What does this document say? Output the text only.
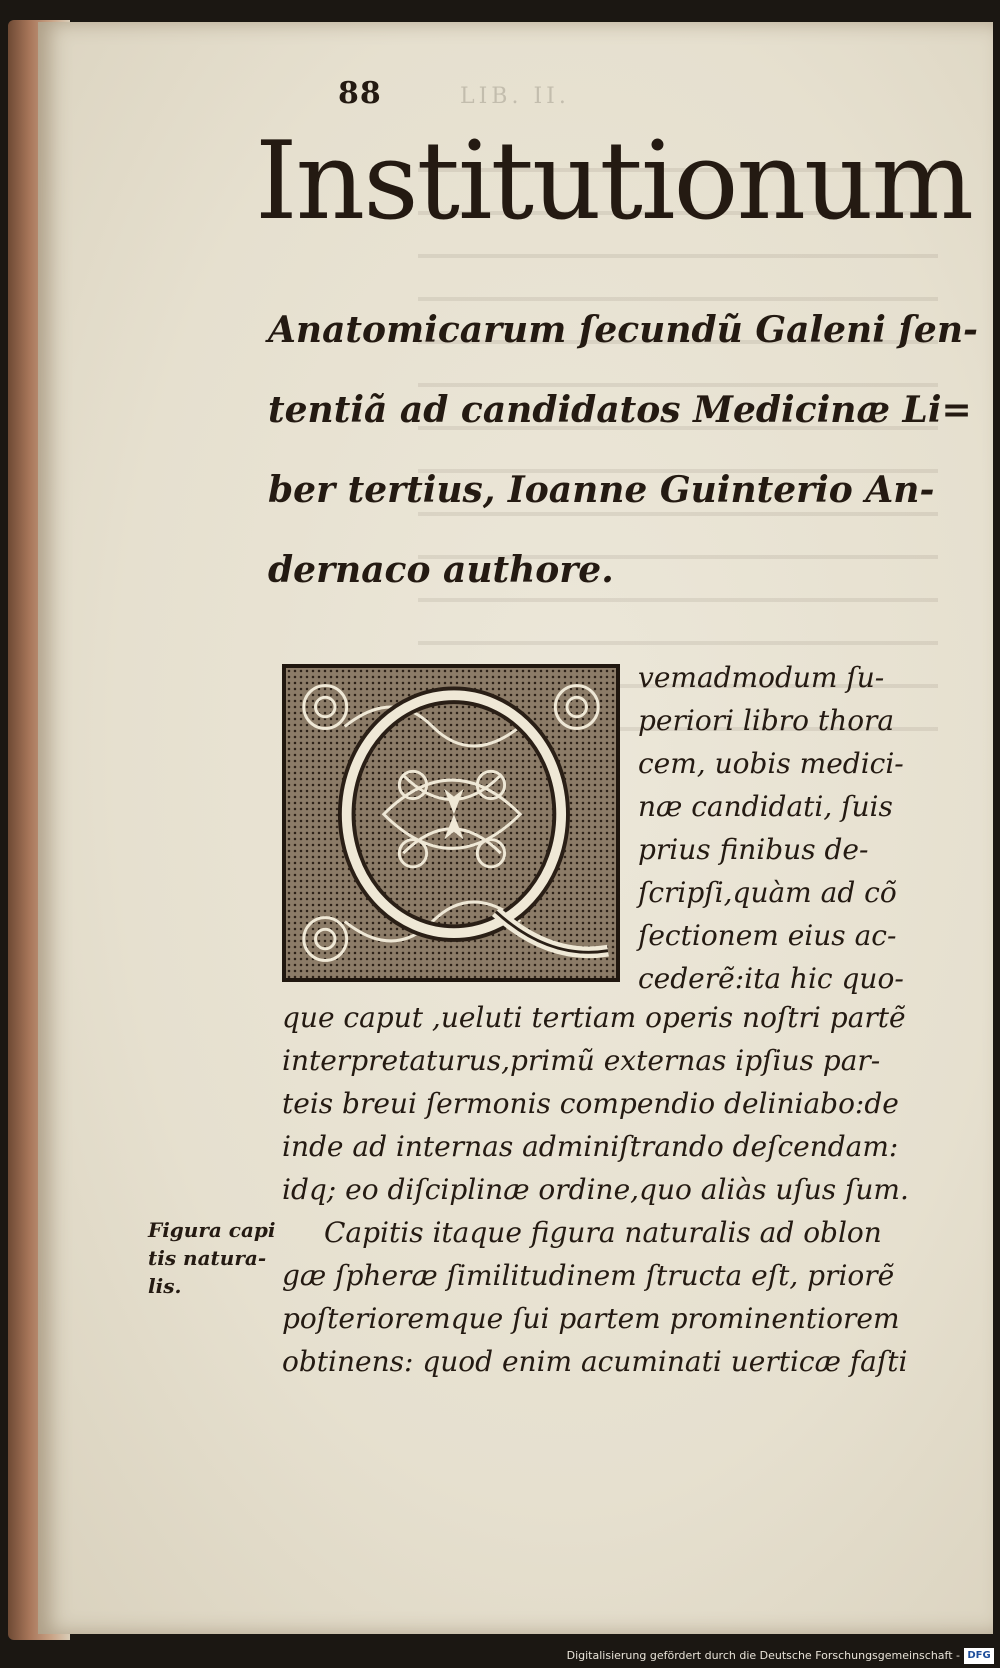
88	LIB. II.
Institutionum
Anatomicarum ſecundũ Galeni ſen-
tentiã ad candidatos Medicinæ Li=
ber tertius, Ioanne Guinterio An-
dernaco authore.
vemadmodum ſu-
periori libro thora
cem, uobis medici-
næ candidati, ſuis
prius finibus de-
ſcripſi,quàm ad cõ
ſectionem eius ac-
cederẽ:ita hic quo-
que caput ,ueluti tertiam operis noſtri partẽ
interpretaturus,primũ externas ipſius par-
teis breui ſermonis compendio deliniabo:de
inde ad internas adminiſtrando deſcendam:
idq; eo diſciplinæ ordine,quo aliàs uſus ſum.
Capitis itaque figura naturalis ad oblon
gæ ſpheræ ſimilitudinem ſtructa eſt, priorẽ
poſterioremque ſui partem prominentiorem
obtinens: quod enim acuminati uerticæ faſti
Figura capi
tis natura-
lis.
Digitalisierung gefördert durch die Deutsche Forschungsgemeinschaft - DFG
